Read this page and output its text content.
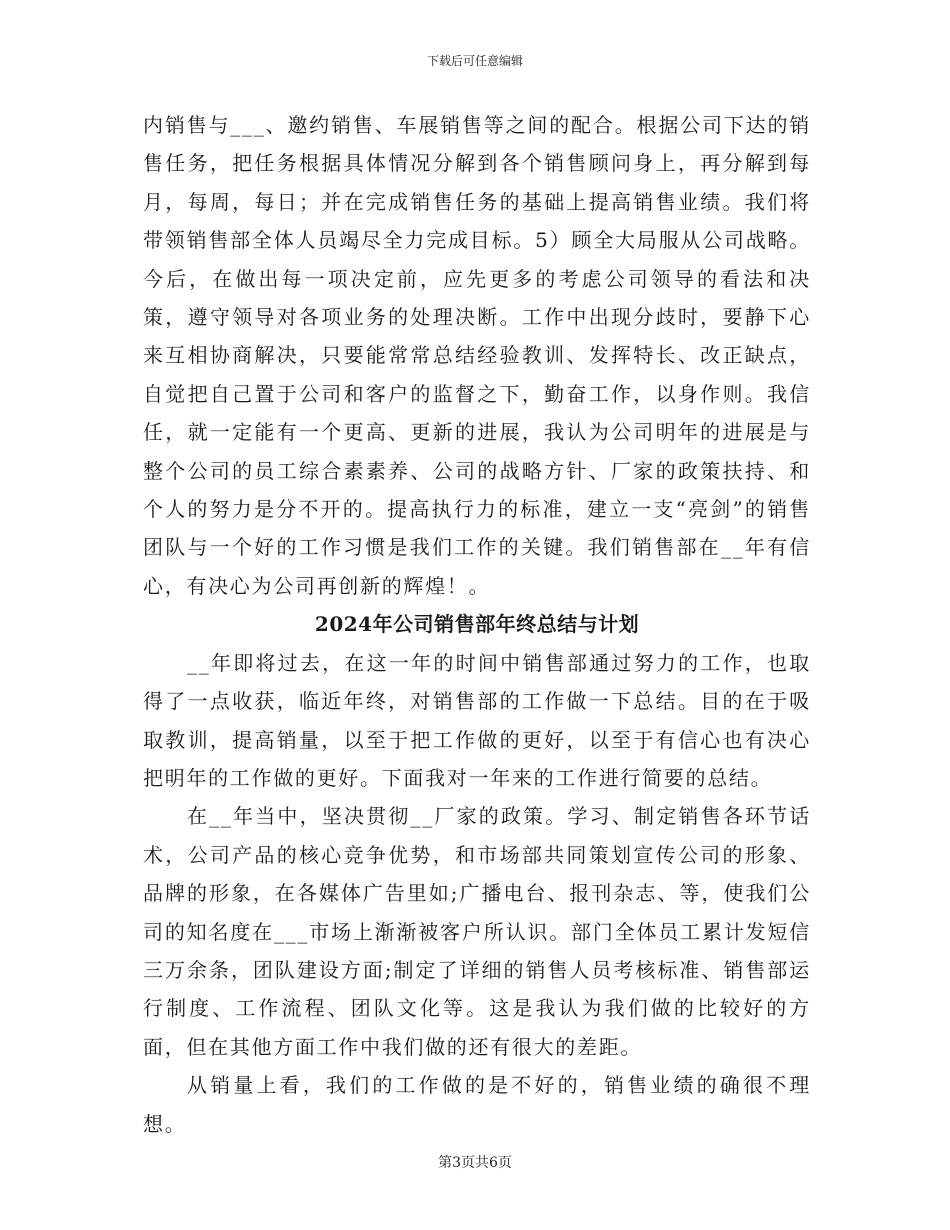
下载后可任意编辑

内销售与___、邀约销售、车展销售等之间的配合。根据公司下达的销售任务，把任务根据具体情况分解到各个销售顾问身上，再分解到每月，每周，每日；并在完成销售任务的基础上提高销售业绩。我们将带领销售部全体人员竭尽全力完成目标。5）顾全大局服从公司战略。今后，在做出每一项决定前，应先更多的考虑公司领导的看法和决策，遵守领导对各项业务的处理决断。工作中出现分歧时，要静下心来互相协商解决，只要能常常总结经验教训、发挥特长、改正缺点，自觉把自己置于公司和客户的监督之下，勤奋工作，以身作则。我信任，就一定能有一个更高、更新的进展，我认为公司明年的进展是与整个公司的员工综合素素养、公司的战略方针、厂家的政策扶持、和个人的努力是分不开的。提高执行力的标准，建立一支“亮剑”的销售团队与一个好的工作习惯是我们工作的关键。我们销售部在__年有信心，有决心为公司再创新的辉煌！。

2024年公司销售部年终总结与计划

__年即将过去，在这一年的时间中销售部通过努力的工作，也取得了一点收获，临近年终，对销售部的工作做一下总结。目的在于吸取教训，提高销量，以至于把工作做的更好，以至于有信心也有决心把明年的工作做的更好。下面我对一年来的工作进行简要的总结。

在__年当中，坚决贯彻__厂家的政策。学习、制定销售各环节话术，公司产品的核心竞争优势，和市场部共同策划宣传公司的形象、品牌的形象，在各媒体广告里如;广播电台、报刊杂志、等，使我们公司的知名度在___市场上渐渐被客户所认识。部门全体员工累计发短信三万余条，团队建设方面;制定了详细的销售人员考核标准、销售部运行制度、工作流程、团队文化等。这是我认为我们做的比较好的方面，但在其他方面工作中我们做的还有很大的差距。

从销量上看，我们的工作做的是不好的，销售业绩的确很不理想。

第3页共6页
